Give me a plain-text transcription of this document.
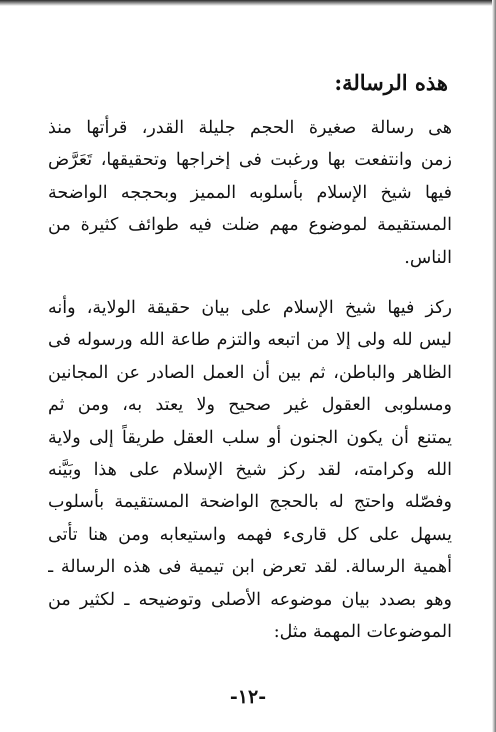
هذه الرسالة:
هى رسالة صغيرة الحجم جليلة القدر، قرأتها منذ
زمن وانتفعت بها ورغبت فى إخراجها وتحقيقها، تَعَرَّض
فيها شيخ الإسلام بأسلوبه المميز وبحججه الواضحة
المستقيمة لموضوع مهم ضلت فيه طوائف كثيرة من
الناس.
ركز فيها شيخ الإسلام على بيان حقيقة الولاية، وأنه
ليس لله ولى إلا من اتبعه والتزم طاعة الله ورسوله فى
الظاهر والباطن، ثم بين أن العمل الصادر عن المجانين
ومسلوبى العقول غير صحيح ولا يعتد به، ومن ثم
يمتنع أن يكون الجنون أو سلب العقل طريقاً إلى ولاية
الله وكرامته، لقد ركز شيخ الإسلام على هذا وبَيَّنه
وفصّله واحتج له بالحجج الواضحة المستقيمة بأسلوب
يسهل على كل قارىء فهمه واستيعابه ومن هنا تأتى
أهمية الرسالة. لقد تعرض ابن تيمية فى هذه الرسالة ـ
وهو بصدد بيان موضوعه الأصلى وتوضيحه ـ لكثير من
الموضوعات المهمة مثل:
-١٢-
